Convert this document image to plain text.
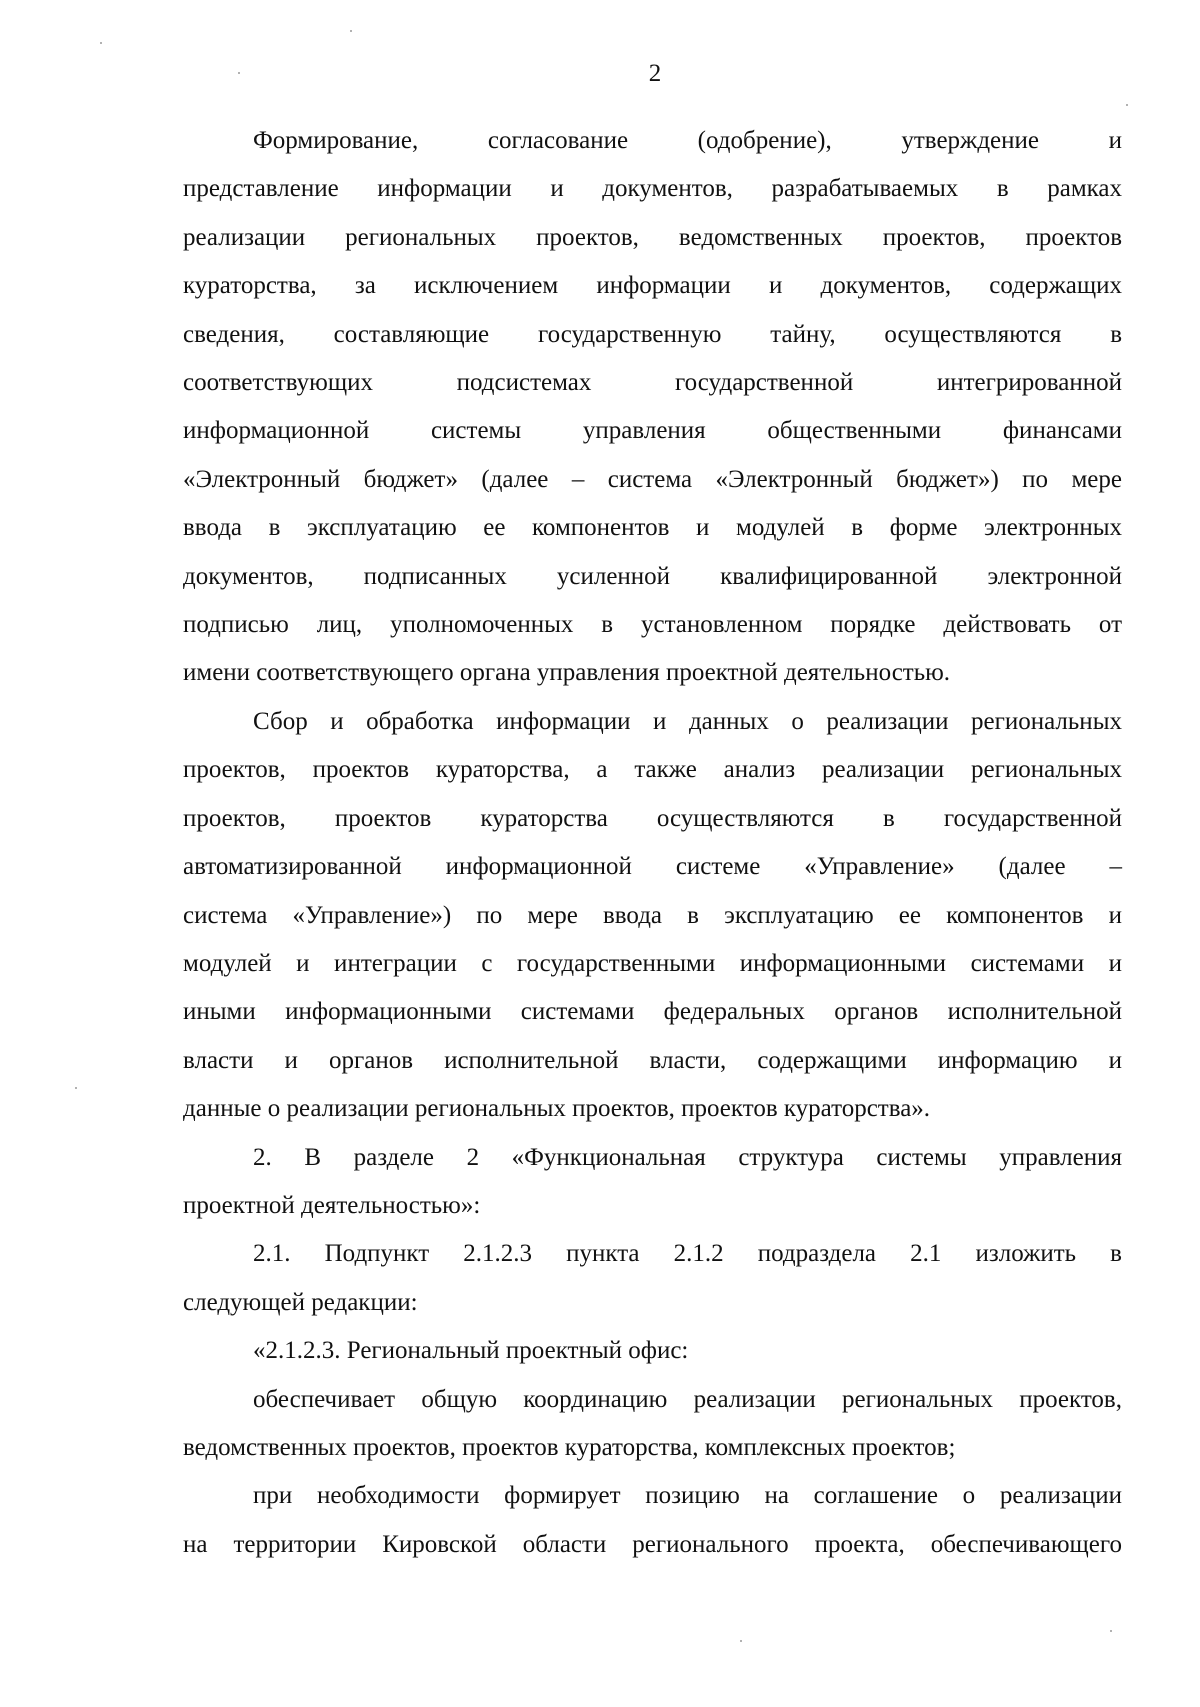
2
Формирование, согласование (одобрение), утверждение и
представление информации и документов, разрабатываемых в рамках
реализации региональных проектов, ведомственных проектов, проектов
кураторства, за исключением информации и документов, содержащих
сведения, составляющие государственную тайну, осуществляются в
соответствующих подсистемах государственной интегрированной
информационной системы управления общественными финансами
«Электронный бюджет» (далее – система «Электронный бюджет») по мере
ввода в эксплуатацию ее компонентов и модулей в форме электронных
документов, подписанных усиленной квалифицированной электронной
подписью лиц, уполномоченных в установленном порядке действовать от
имени соответствующего органа управления проектной деятельностью.
Сбор и обработка информации и данных о реализации региональных
проектов, проектов кураторства, а также анализ реализации региональных
проектов, проектов кураторства осуществляются в государственной
автоматизированной информационной системе «Управление» (далее –
система «Управление») по мере ввода в эксплуатацию ее компонентов и
модулей и интеграции с государственными информационными системами и
иными информационными системами федеральных органов исполнительной
власти и органов исполнительной власти, содержащими информацию и
данные о реализации региональных проектов, проектов кураторства».
2. В разделе 2 «Функциональная структура системы управления
проектной деятельностью»:
2.1. Подпункт 2.1.2.3 пункта 2.1.2 подраздела 2.1 изложить в
следующей редакции:
«2.1.2.3. Региональный проектный офис:
обеспечивает общую координацию реализации региональных проектов,
ведомственных проектов, проектов кураторства, комплексных проектов;
при необходимости формирует позицию на соглашение о реализации
на территории Кировской области регионального проекта, обеспечивающего
